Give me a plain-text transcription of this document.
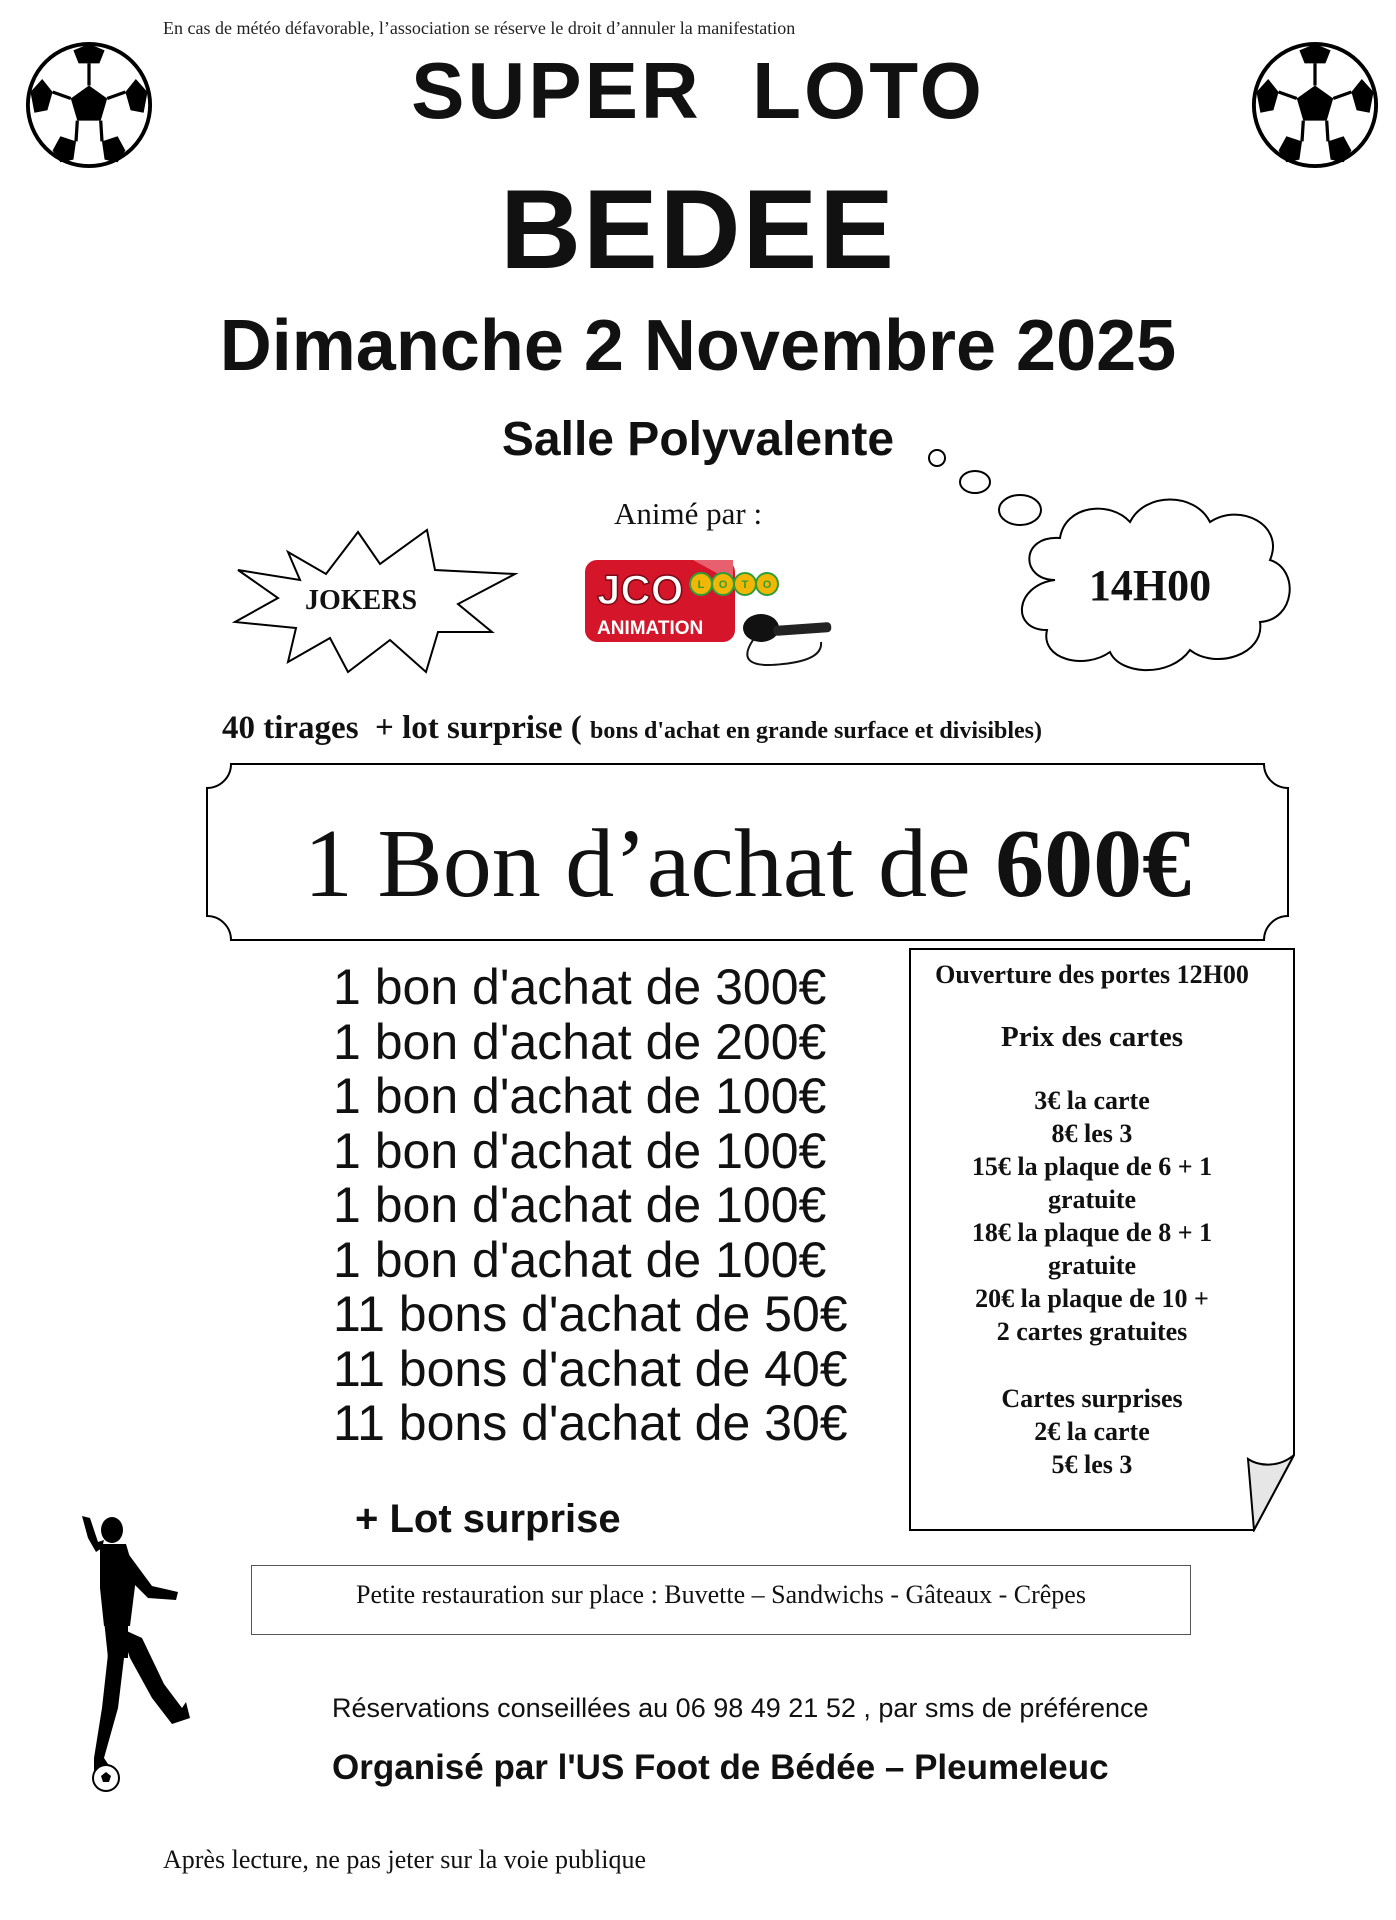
En cas de météo défavorable, l’association se réserve le droit d’annuler la manifestation
SUPER  LOTO
BEDEE
Dimanche 2 Novembre 2025
Salle Polyvalente
Animé par :
JOKERS	JCO
ANIMATION
L O T O	14H00
40 tirages + lot surprise ( bons d'achat en grande surface et divisibles)
1 Bon d’achat de 600€
1 bon d'achat de 300€
1 bon d'achat de 200€
1 bon d'achat de 100€
1 bon d'achat de 100€
1 bon d'achat de 100€
1 bon d'achat de 100€
11 bons d'achat de 50€
11 bons d'achat de 40€
11 bons d'achat de 30€
+ Lot surprise
Ouverture des portes 12H00
Prix des cartes
3€ la carte
8€ les 3
15€ la plaque de 6 + 1
gratuite
18€ la plaque de 8 + 1
gratuite
20€ la plaque de 10 +
2 cartes gratuites
Cartes surprises
2€ la carte
5€ les 3
Petite restauration sur place : Buvette – Sandwichs - Gâteaux - Crêpes
Réservations conseillées au 06 98 49 21 52 , par sms de préférence
Organisé par l'US Foot de Bédée – Pleumeleuc
Après lecture, ne pas jeter sur la voie publique
